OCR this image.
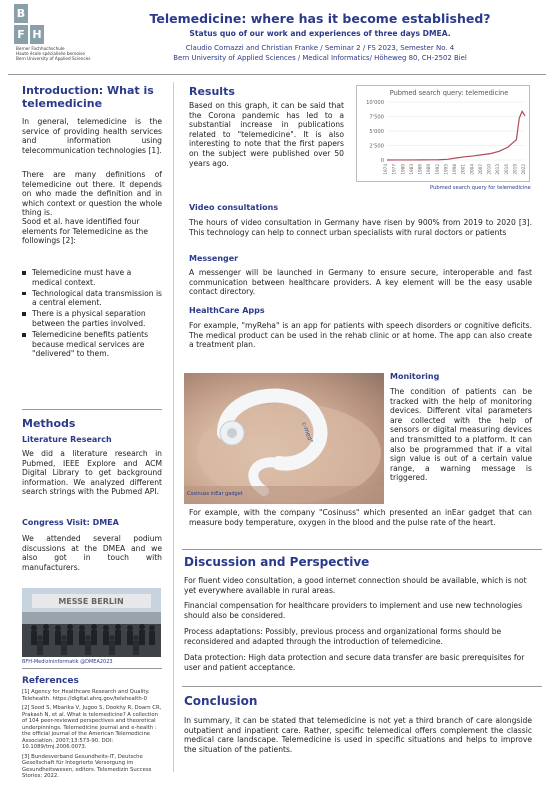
B
F H
Berner Fachhochschule
Haute école spécialisée bernoise
Bern University of Applied Sciences
Telemedicine: where has it become established?
Status quo of our work and experiences of three days DMEA.
Claudio Comazzi and Christian Franke / Seminar 2 / FS 2023, Semester No. 4
Bern University of Applied Sciences / Medical Informatics/ Höheweg 80, CH-2502 Biel
Introduction: What is telemedicine
In general, telemedicine is the service of providing health services and information using telecommunication technologies [1].
There are many definitions of telemedicine out there. It depends on who made the definition and in which context or question the whole thing is.
Sood et al. have identified four elements for Telemedicine as the followings [2]:
Telemedicine must have a medical context.
Technological data transmission is a central element.
There is a physical separation between the parties involved.
Telemedicine benefits patients because medical services are "delivered" to them.
Methods
Literature Research
We did a literature research in Pubmed, IEEE Explore and ACM Digital Library to get background information. We analyzed different search strings with the Pubmed API.
Congress Visit: DMEA
We attended several podium discussions at the DMEA and we also got in touch with manufacturers.
MESSE BERLIN
BFH-Medizininformatik @DMEA2023
References
[1] Agency for Healthcare Research and Quality. Telehealth. https://digital.ahrq.gov/telehealth-0
[2] Sood S, Mbarika V, Jugoo S, Dookhy R, Doarn CR, Prakash N, et al. What is telemedicine? A collection of 104 peer-reviewed perspectives and theoretical underpinnings. Telemedicine journal and e-health : the official journal of the American Telemedicine Association. 2007;13:573-90. DOI: 10.1089/tmj.2006.0073.
[3] Bundesverband Gesundheits-IT, Deutsche Gesellschaft für Integrierte Versorgung im Gesundheitswesen, editors. Telemedizin Success Stories; 2022.
Results
Based on this graph, it can be said that the Corona pandemic has led to a substantial increase in publications related to "telemedicine". It is also interesting to note that the first papers on the subject were published over 50 years ago.
Pubmed search query: telemedicine
0
2'500
5'000
7'500
10'000
1974 1977 1980 1983 1986 1989 1992 1995 1998 2001 2004 2007 2010 2013 2016 2019 2022
Pubmed search query for telemedicine
Video consultations
The hours of video consultation in Germany have risen by 900% from 2019 to 2020 [3]. This technology can help to connect urban specialists with rural doctors or patients
Messenger
A messenger will be launched in Germany to ensure secure, interoperable and fast communication between healthcare providers. A key element will be the easy usable contact directory.
HealthCare Apps
For example, "myReha" is an app for patients with speech disorders or cognitive deficits. The medical product can be used in the rehab clinic or at home. The app can also create a treatment plan.
c-med°
Cosinuss inEar gadget
Monitoring
The condition of patients can be tracked with the help of monitoring devices. Different vital parameters are collected with the help of sensors or digital measuring devices and transmitted to a platform. It can also be programmed that if a vital sign value is out of a certain value range, a warning message is triggered.
For example, with the company "Cosinuss" which presented an inEar gadget that can measure body temperature, oxygen in the blood and the pulse rate of the heart.
Discussion and Perspective
For fluent video consultation, a good internet connection should be available, which is not yet everywhere available in rural areas.
Financial compensation for healthcare providers to implement and use new technologies should also be considered.
Process adaptations: Possibly, previous process and organizational forms should be reconsidered and adapted through the introduction of telemedicine.
Data protection: High data protection and secure data transfer are basic prerequisites for user and patient acceptance.
Conclusion
In summary, it can be stated that telemedicine is not yet a third branch of care alongside outpatient and inpatient care. Rather, specific telemedical offers complement the classic medical care landscape. Telemedicine is used in specific situations and helps to improve the situation of the patients.
